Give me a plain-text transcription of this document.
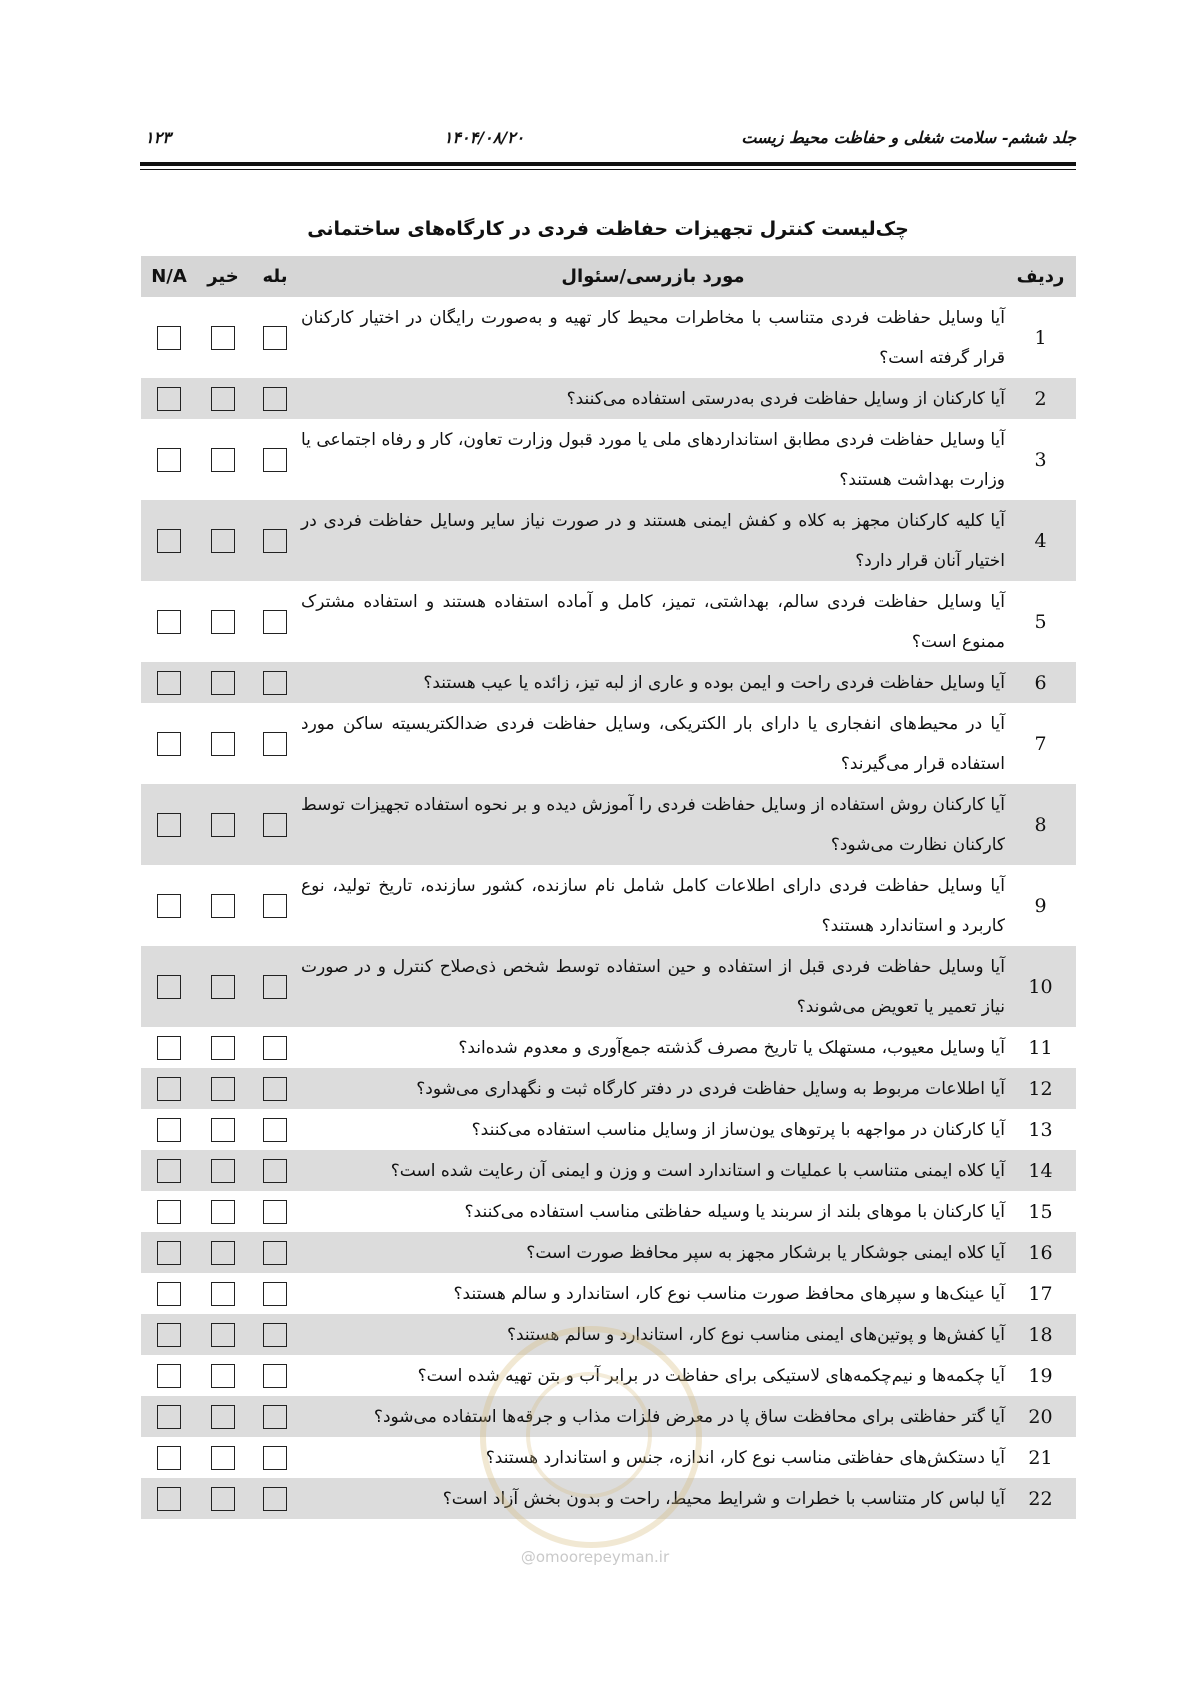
جلد ششم- سلامت شغلی و حفاظت محیط زیست
۱۴۰۴/۰۸/۲۰
۱۲۳
چک‌لیست کنترل تجهیزات حفاظت فردی در کارگاه‌های ساختمانی
N/A	خیر	بله	مورد بازرسی/سئوال	ردیف
			آیا وسایل حفاظت فردی متناسب با مخاطرات محیط کار تهیه و به‌صورت رایگان در اختیار کارکنان قرار گرفته است؟	1
			آیا کارکنان از وسایل حفاظت فردی به‌درستی استفاده می‌کنند؟	2
			آیا وسایل حفاظت فردی مطابق استانداردهای ملی یا مورد قبول وزارت تعاون، کار و رفاه اجتماعی یا وزارت بهداشت هستند؟	3
			آیا کلیه کارکنان مجهز به کلاه و کفش ایمنی هستند و در صورت نیاز سایر وسایل حفاظت فردی در اختیار آنان قرار دارد؟	4
			آیا وسایل حفاظت فردی سالم، بهداشتی، تمیز، کامل و آماده استفاده هستند و استفاده مشترک ممنوع است؟	5
			آیا وسایل حفاظت فردی راحت و ایمن بوده و عاری از لبه تیز، زائده یا عیب هستند؟	6
			آیا در محیط‌های انفجاری یا دارای بار الکتریکی، وسایل حفاظت فردی ضدالکتریسیته ساکن مورد استفاده قرار می‌گیرند؟	7
			آیا کارکنان روش استفاده از وسایل حفاظت فردی را آموزش دیده و بر نحوه استفاده تجهیزات توسط کارکنان نظارت می‌شود؟	8
			آیا وسایل حفاظت فردی دارای اطلاعات کامل شامل نام سازنده، کشور سازنده، تاریخ تولید، نوع کاربرد و استاندارد هستند؟	9
			آیا وسایل حفاظت فردی قبل از استفاده و حین استفاده توسط شخص ذی‌صلاح کنترل و در صورت نیاز تعمیر یا تعویض می‌شوند؟	10
			آیا وسایل معیوب، مستهلک یا تاریخ مصرف گذشته جمع‌آوری و معدوم شده‌اند؟	11
			آیا اطلاعات مربوط به وسایل حفاظت فردی در دفتر کارگاه ثبت و نگهداری می‌شود؟	12
			آیا کارکنان در مواجهه با پرتوهای یون‌ساز از وسایل مناسب استفاده می‌کنند؟	13
			آیا کلاه ایمنی متناسب با عملیات و استاندارد است و وزن و ایمنی آن رعایت شده است؟	14
			آیا کارکنان با موهای بلند از سربند یا وسیله حفاظتی مناسب استفاده می‌کنند؟	15
			آیا کلاه ایمنی جوشکار یا برشکار مجهز به سپر محافظ صورت است؟	16
			آیا عینک‌ها و سپرهای محافظ صورت مناسب نوع کار، استاندارد و سالم هستند؟	17
			آیا کفش‌ها و پوتین‌های ایمنی مناسب نوع کار، استاندارد و سالم هستند؟	18
			آیا چکمه‌ها و نیم‌چکمه‌های لاستیکی برای حفاظت در برابر آب و بتن تهیه شده است؟	19
			آیا گتر حفاظتی برای محافظت ساق پا در معرض فلزات مذاب و جرقه‌ها استفاده می‌شود؟	20
			آیا دستکش‌های حفاظتی مناسب نوع کار، اندازه، جنس و استاندارد هستند؟	21
			آیا لباس کار متناسب با خطرات و شرایط محیط، راحت و بدون بخش آزاد است؟	22
@omoorepeyman.ir
